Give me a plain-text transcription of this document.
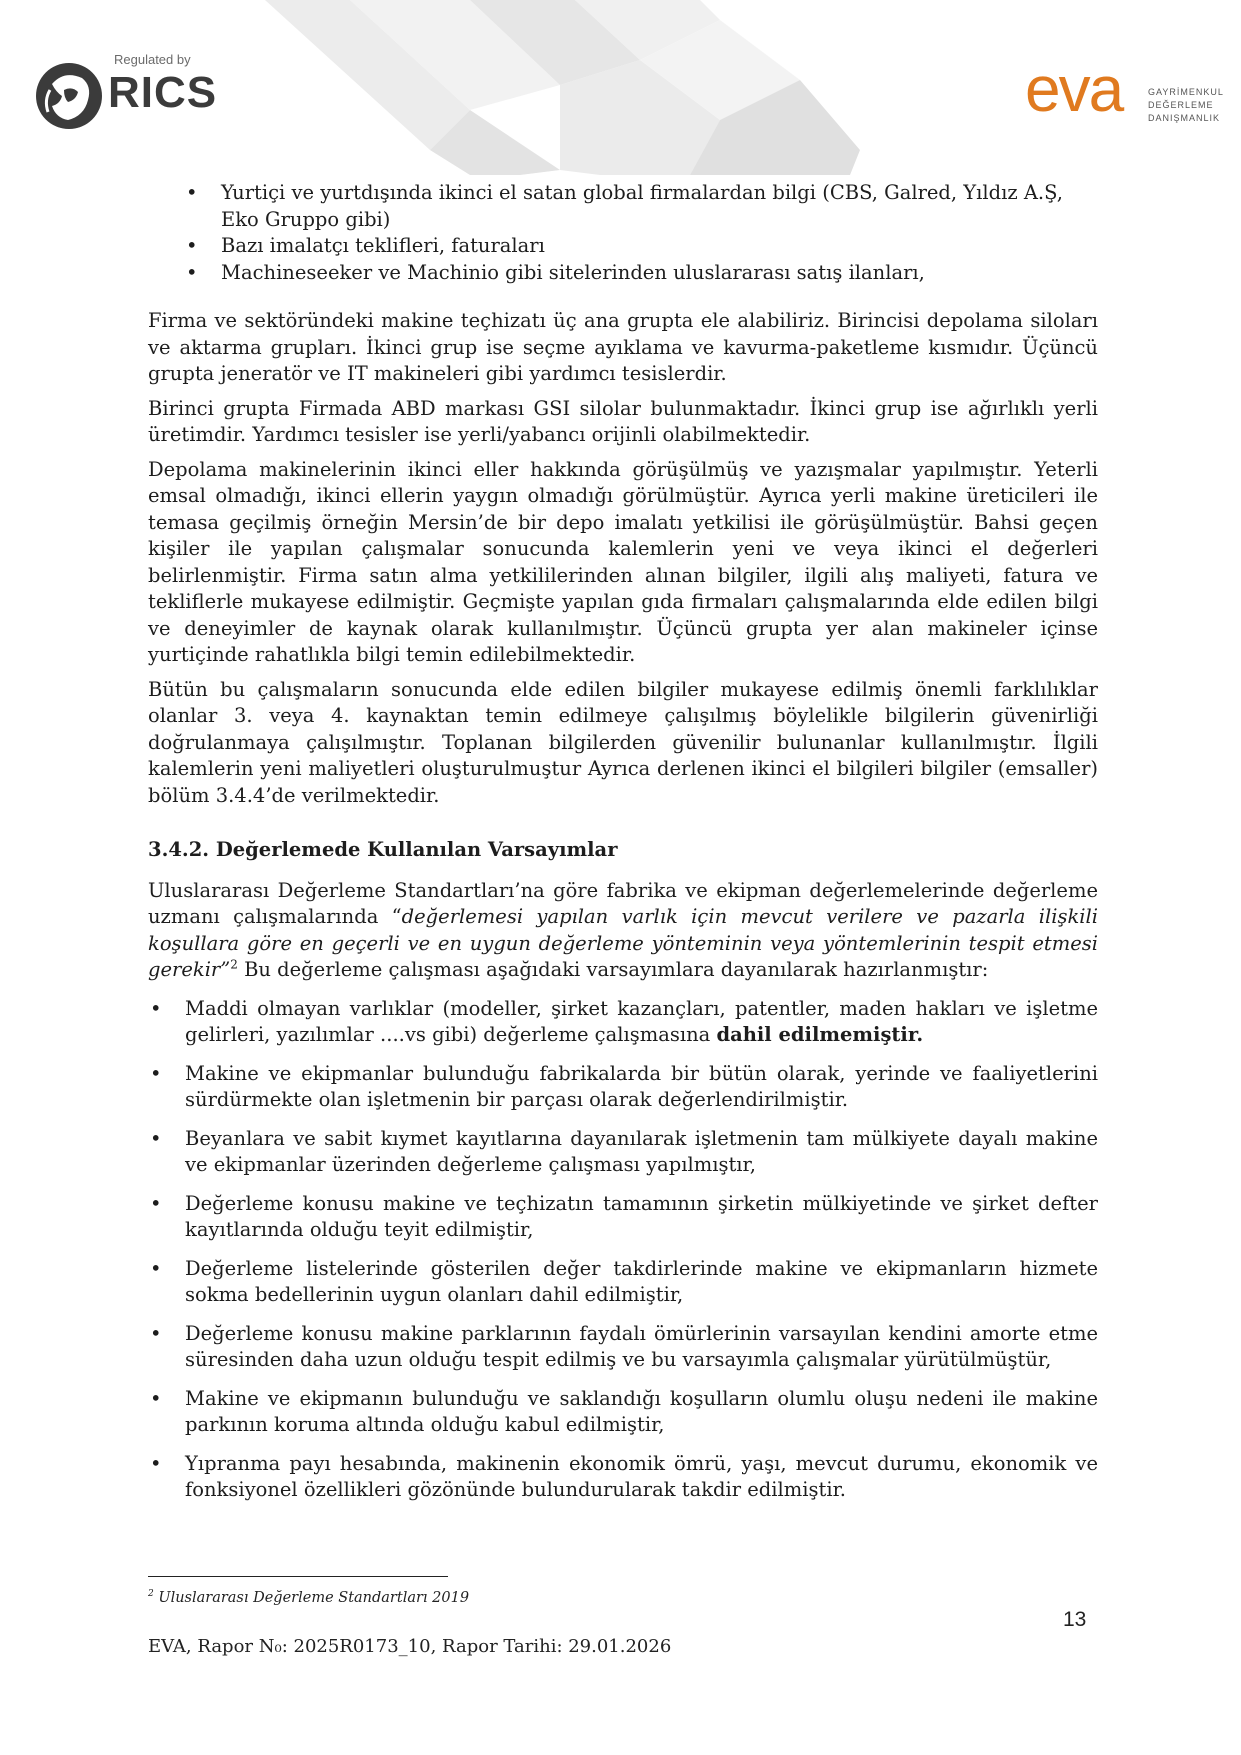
Regulated by
RICS	eva	GAYRİMENKUL
DEĞERLEME
DANIŞMANLIK
• Yurtiçi ve yurtdışında ikinci el satan global firmalardan bilgi (CBS, Galred, Yıldız A.Ş, Eko Gruppo gibi)
• Bazı imalatçı teklifleri, faturaları
• Machineseeker ve Machinio gibi sitelerinden uluslararası satış ilanları,

Firma ve sektöründeki makine teçhizatı üç ana grupta ele alabiliriz. Birincisi depolama siloları ve aktarma grupları. İkinci grup ise seçme ayıklama ve kavurma-paketleme kısmıdır. Üçüncü grupta jeneratör ve IT makineleri gibi yardımcı tesislerdir.

Birinci grupta Firmada ABD markası GSI silolar bulunmaktadır. İkinci grup ise ağırlıklı yerli üretimdir. Yardımcı tesisler ise yerli/yabancı orijinli olabilmektedir.

Depolama makinelerinin ikinci eller hakkında görüşülmüş ve yazışmalar yapılmıştır. Yeterli emsal olmadığı, ikinci ellerin yaygın olmadığı görülmüştür. Ayrıca yerli makine üreticileri ile temasa geçilmiş örneğin Mersin’de bir depo imalatı yetkilisi ile görüşülmüştür. Bahsi geçen kişiler ile yapılan çalışmalar sonucunda kalemlerin yeni ve veya ikinci el değerleri belirlenmiştir. Firma satın alma yetkililerinden alınan bilgiler, ilgili alış maliyeti, fatura ve tekliflerle mukayese edilmiştir. Geçmişte yapılan gıda firmaları çalışmalarında elde edilen bilgi ve deneyimler de kaynak olarak kullanılmıştır. Üçüncü grupta yer alan makineler içinse yurtiçinde rahatlıkla bilgi temin edilebilmektedir.

Bütün bu çalışmaların sonucunda elde edilen bilgiler mukayese edilmiş önemli farklılıklar olanlar 3. veya 4. kaynaktan temin edilmeye çalışılmış böylelikle bilgilerin güvenirliği doğrulanmaya çalışılmıştır. Toplanan bilgilerden güvenilir bulunanlar kullanılmıştır. İlgili kalemlerin yeni maliyetleri oluşturulmuştur Ayrıca derlenen ikinci el bilgileri bilgiler (emsaller) bölüm 3.4.4’de verilmektedir.

3.4.2. Değerlemede Kullanılan Varsayımlar

Uluslararası Değerleme Standartları’na göre fabrika ve ekipman değerlemelerinde değerleme uzmanı çalışmalarında “değerlemesi yapılan varlık için mevcut verilere ve pazarla ilişkili koşullara göre en geçerli ve en uygun değerleme yönteminin veya yöntemlerinin tespit etmesi gerekir”$^2$ Bu değerleme çalışması aşağıdaki varsayımlara dayanılarak hazırlanmıştır:

• Maddi olmayan varlıklar (modeller, şirket kazançları, patentler, maden hakları ve işletme gelirleri, yazılımlar ....vs gibi) değerleme çalışmasına dahil edilmemiştir.
• Makine ve ekipmanlar bulunduğu fabrikalarda bir bütün olarak, yerinde ve faaliyetlerini sürdürmekte olan işletmenin bir parçası olarak değerlendirilmiştir.
• Beyanlara ve sabit kıymet kayıtlarına dayanılarak işletmenin tam mülkiyete dayalı makine ve ekipmanlar üzerinden değerleme çalışması yapılmıştır,
• Değerleme konusu makine ve teçhizatın tamamının şirketin mülkiyetinde ve şirket defter kayıtlarında olduğu teyit edilmiştir,
• Değerleme listelerinde gösterilen değer takdirlerinde makine ve ekipmanların hizmete sokma bedellerinin uygun olanları dahil edilmiştir,
• Değerleme konusu makine parklarının faydalı ömürlerinin varsayılan kendini amorte etme süresinden daha uzun olduğu tespit edilmiş ve bu varsayımla çalışmalar yürütülmüştür,
• Makine ve ekipmanın bulunduğu ve saklandığı koşulların olumlu oluşu nedeni ile makine parkının koruma altında olduğu kabul edilmiştir,
• Yıpranma payı hesabında, makinenin ekonomik ömrü, yaşı, mevcut durumu, ekonomik ve fonksiyonel özellikleri gözönünde bulundurularak takdir edilmiştir.
$^2$ Uluslararası Değerleme Standartları 2019
13
EVA, Rapor N₀: 2025R0173_10, Rapor Tarihi: 29.01.2026
